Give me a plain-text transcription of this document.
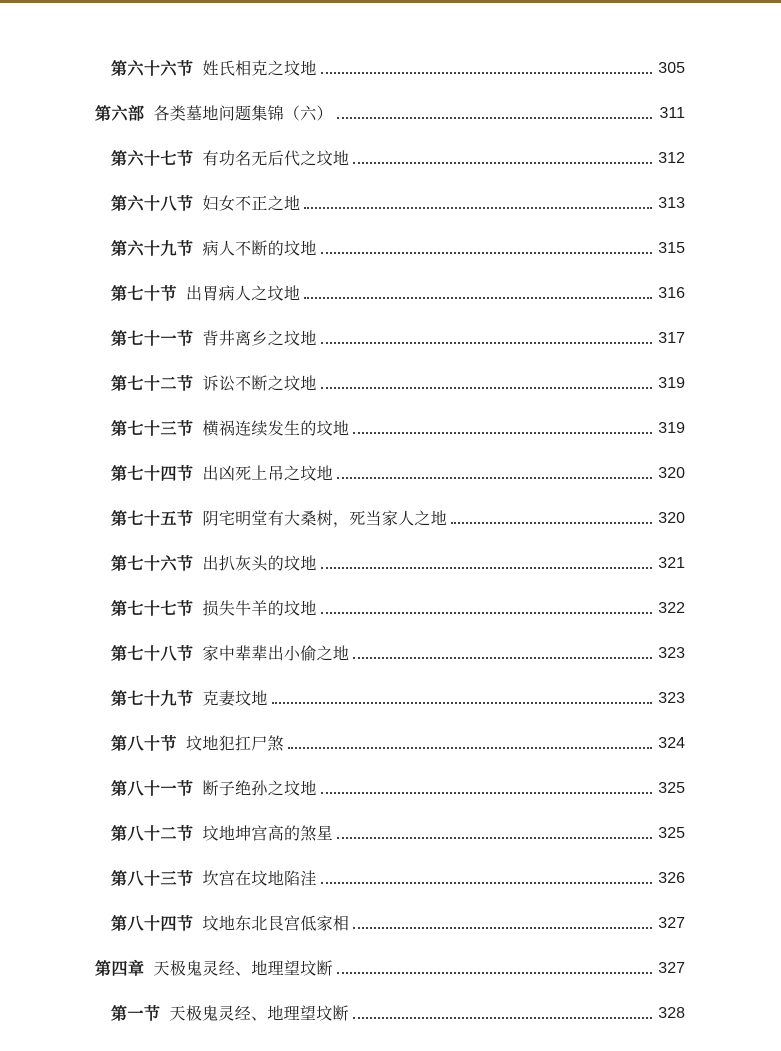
第六十六节 姓氏相克之坟地	305
第六部 各类墓地问题集锦（六）	311
第六十七节 有功名无后代之坟地	312
第六十八节 妇女不正之地	313
第六十九节 病人不断的坟地	315
第七十节 出胃病人之坟地	316
第七十一节 背井离乡之坟地	317
第七十二节 诉讼不断之坟地	319
第七十三节 横祸连续发生的坟地	319
第七十四节 出凶死上吊之坟地	320
第七十五节 阴宅明堂有大桑树，死当家人之地	320
第七十六节 出扒灰头的坟地	321
第七十七节 损失牛羊的坟地	322
第七十八节 家中辈辈出小偷之地	323
第七十九节 克妻坟地	323
第八十节 坟地犯扛尸煞	324
第八十一节 断子绝孙之坟地	325
第八十二节 坟地坤宫高的煞星	325
第八十三节 坎宫在坟地陷洼	326
第八十四节 坟地东北艮宫低家相	327
第四章 天极鬼灵经、地理望坟断	327
第一节 天极鬼灵经、地理望坟断	328
